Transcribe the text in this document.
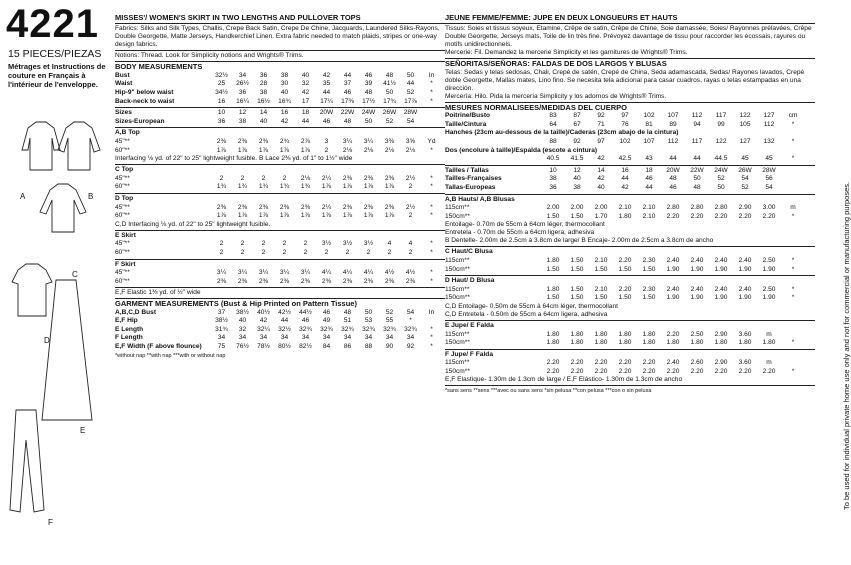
4221
15 PIECES/PIEZAS
Métrages et Instructions de couture en Français à l'intérieur de l'enveloppe.
A	B
C
D
E
F
MISSES'/ WOMEN'S SKIRT IN TWO LENGTHS AND PULLOVER TOPS
Fabrics: Silks and Silk Types, Challis, Crepe Back Satin, Crepe De Chine, Jacquards, Laundered Silks-Rayons, Double Georgette, Matte Jerseys, Handkerchief Linen. Extra fabric needed to match plaids, stripes or one-way design fabrics.
Notions: Thread. Look for Simplicity notions and Wrights® Trims.
BODY MEASUREMENTS
Bust	32½	34	36	38	40	42	44	46	48	50	In
Waist	25	26½	28	30	32	35	37	39	41½	44	*
Hip-9" below waist	34½	36	38	40	42	44	46	48	50	52	*
Back-neck to waist	16	16¼	16½	16¾	17	17¼	17⅜	17½	17¾	17⅞	*
Sizes	10	12	14	16	18	20W	22W	24W	26W	28W
Sizes-European	36	38	40	42	44	46	48	50	52	54
A,B Top
45"**	2⅜	2⅜	2⅜	2¾	2⅞	3	3¼	3¼	3⅜	3⅝	Yd
60"**	1⅞	1⅞	1⅞	1⅞	1⅞	2	2⅛	2⅛	2⅛	2⅛	*
Interfacing ⅛ yd. of 22" to 25" lightweight fusible. B Lace 2⅜ yd. of 1" to 1½" wide
C Top
45"**	2	2	2	2	2⅛	2¼	2⅜	2⅜	2⅜	2½	*
60"**	1¾	1¾	1¾	1¾	1¾	1⅞	1⅞	1⅞	1⅞	2	*
D Top
45"**	2⅜	2⅜	2⅜	2⅜	2⅜	2¼	2⅜	2⅜	2⅜	2½	*
60"**	1⅞	1⅞	1⅞	1⅞	1⅞	1⅞	1⅞	1⅞	1⅞	2	*
C,D Interfacing ⅛ yd. of 22" to 25" lightweight fusible.
E Skirt
45"**	2	2	2	2	2	3½	3½	3½	4	4	*
60"**	2	2	2	2	2	2	2	2	2	2	*
F Skirt
45"**	3¼	3¼	3¼	3¼	3¼	4¼	4¼	4¼	4½	4½	*
60"**	2⅜	2⅜	2⅜	2⅜	2⅜	2⅜	2⅜	2⅜	2⅜	2⅜	*
E,F Elastic 1⅜ yd. of ½" wide
GARMENT MEASUREMENTS (Bust & Hip Printed on Pattern Tissue)
A,B,C,D Bust	37	38½	40½	42½	44½	46	48	50	52	54	In
E,F Hip	38½	40	42	44	46	49	51	53	55	*
E Length	31¾	32	32¼	32½	32¾	32¾	32¾	32¾	32¾	32¾	*
F Length	34	34	34	34	34	34	34	34	34	34	*
E,F Width (F above flounce)	75	76½	78½	80½	82½	84	86	88	90	92	*
*without nap **with nap ***with or without nap
JEUNE FEMME/FEMME: JUPE EN DEUX LONGUEURS ET HAUTS
Tissus: Soies et tissus soyeux, Etamine, Crêpe de satin, Crêpe de Chine, Soie damassée, Soies/ Rayonnes prélavées, Crêpe Double Georgette, Jerseys mats, Toile de lin très fine. Prévoyez davantage de tissu pour raccorder les écossais, rayures ou motifs unidirectionnels.
Mercerie: Fil. Demandez la mercerie Simplicity et les garnitures de Wrights® Trims.
SEÑORITAS/SEÑORAS: FALDAS DE DOS LARGOS Y BLUSAS
Telas: Sedas y telas sedosas, Chali, Crepé de satén, Crepé de China, Seda adamascada, Sedas/ Rayones lavados, Crepé doble Georgette, Mallas mates, Lino fino. Se necesita tela adicional para casar cuadros, rayas o telas estampadas en una dirección.
Mercería: Hilo. Pida la mercería Simplicity y los adornos de Wrights® Trims.
MESURES NORMALISEES/MEDIDAS DEL CUERPO
Poitrine/Busto	83	87	92	97	102	107	112	117	122	127	cm
Taille/Cintura	64	67	71	76	81	89	94	99	105	112	*
Hanches (23cm au-dessous de la taille)/Caderas (23cm abajo de la cintura)
88	92	97	102	107	112	117	122	127	132	*
Dos (encolure à taille)/Espalda (escote a cintura)
40.5	41.5	42	42.5	43	44	44	44.5	45	45	*
Tailles / Tallas	10	12	14	16	18	20W	22W	24W	26W	28W
Tailles-Françaises	38	40	42	44	46	48	50	52	54	56
Tallas-Europeas	36	38	40	42	44	46	48	50	52	54
A,B Hauts/ A,B Blusas
115cm**	2.00	2.00	2.00	2.10	2.10	2.80	2.80	2.80	2.90	3.00	m
150cm**	1.50	1.50	1.70	1.80	2.10	2.20	2.20	2.20	2.20	2.20	*
Entoilage- 0.70m de 55cm à 64cm léger, thermocollant
Entretela - 0.70m de 55cm a 64cm ligera, adhesiva
B Dentelle- 2.00m de 2.5cm à 3.8cm de large/ B Encaje- 2.00m de 2.5cm a 3.8cm de ancho
C Haut/C Blusa
115cm**	1.80	1.50	2.10	2.20	2.30	2.40	2.40	2.40	2.40	2.50	*
150cm**	1.50	1.50	1.50	1.50	1.50	1.90	1.90	1.90	1.90	1.90	*
D Haut/ D Blusa
115cm**	1.80	1.50	2.10	2.20	2.30	2.40	2.40	2.40	2.40	2.50	*
150cm**	1.50	1.50	1.50	1.50	1.50	1.90	1.90	1.90	1.90	1.90	*
C,D Entoilage- 0.50m de 55cm à 64cm léger, thermocollant
C,D Entretela - 0.50m de 55cm a 64cm ligera, adhesiva
E Jupe/ E Falda
115cm**	1.80	1.80	1.80	1.80	1.80	2.20	2.50	2.90	3.60	m
150cm**	1.80	1.80	1.80	1.80	1.80	1.80	1.80	1.80	1.80	1.80	*
F Jupe/ F Falda
115cm**	2.20	2.20	2.20	2.20	2.20	2.40	2.60	2.90	3.60	m
150cm**	2.20	2.20	2.20	2.20	2.20	2.20	2.20	2.20	2.20	2.20	*
E,F Elastique- 1.30m de 1.3cm de large / E,F Elástico- 1.30m de 1.3cm de ancho
*sans sens **sens ***avec ou sans sens *sin pelusa **con pelusa ***con o sin pelusa	To be used for individual private home use only and not for commercial or manufacturing purposes.
